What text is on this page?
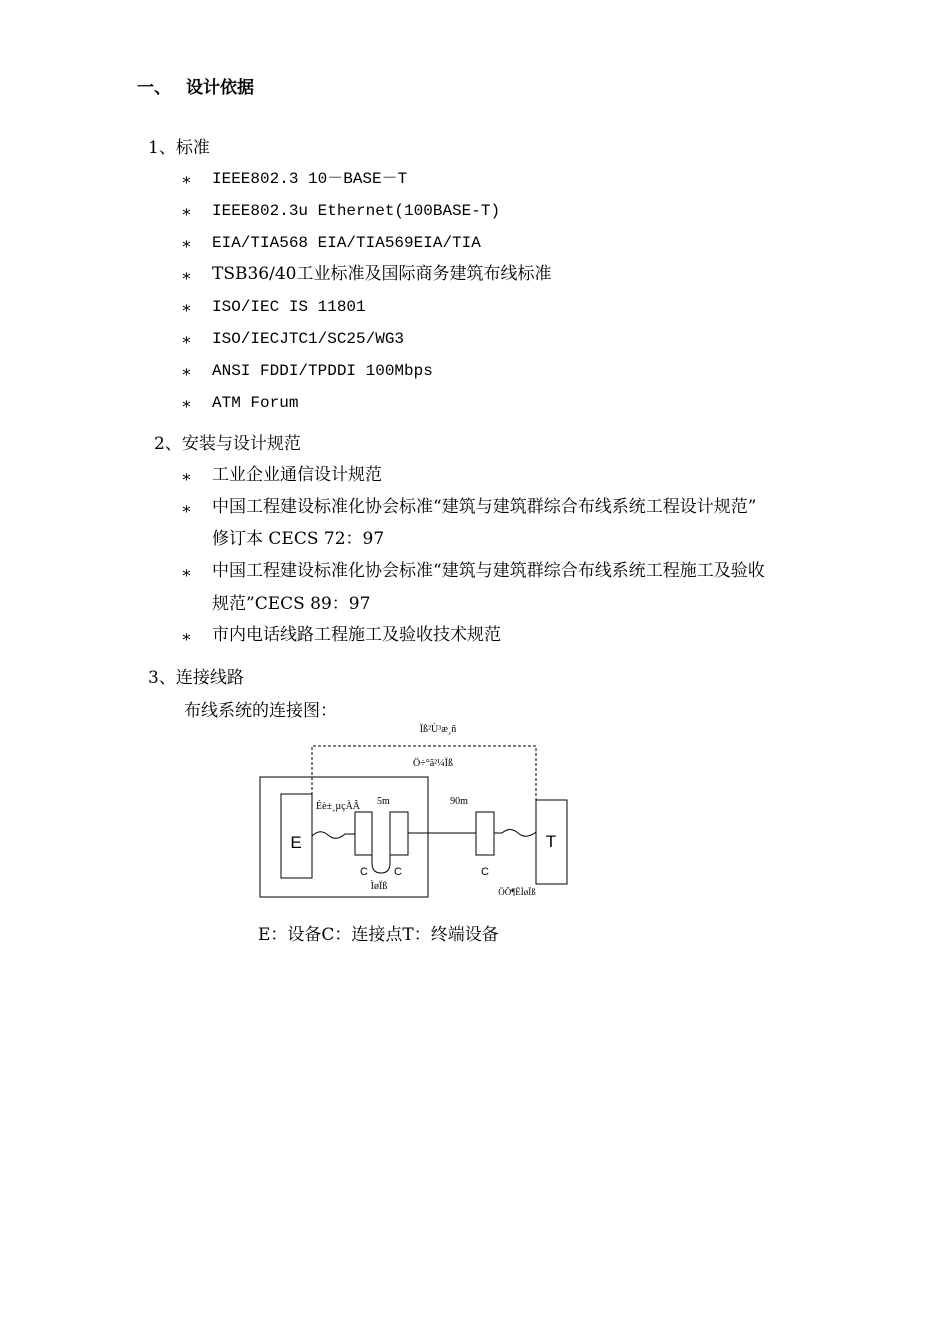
一、 设计依据
1、标准
∗ IEEE802.3 10－BASE－T
∗ IEEE802.3u Ethernet(100BASE-T)
∗ EIA/TIA568 EIA/TIA569EIA/TIA
∗ TSB36/40工业标准及国际商务建筑布线标准
∗ ISO/IEC IS 11801
∗ ISO/IECJTC1/SC25/WG3
∗ ANSI FDDI/TPDDI 100Mbps
∗ ATM Forum
2、安装与设计规范
∗ 工业企业通信设计规范
∗ 中国工程建设标准化协会标准“建筑与建筑群综合布线系统工程设计规范”
修订本 CECS 72：97
∗ 中国工程建设标准化协会标准“建筑与建筑群综合布线系统工程施工及验收
规范”CECS 89：97
∗ 市内电话线路工程施工及验收技术规范
3、连接线路
布线系统的连接图：
Ïß²Ù³æ¸ñ
Ö÷°ã²¼Ïß
E
Éè±¸µçÀÂ 5m
C C
ÌøÏß
90m
C
T
ÖÕ¶ËÌøÏß
E：设备C：连接点T：终端设备
